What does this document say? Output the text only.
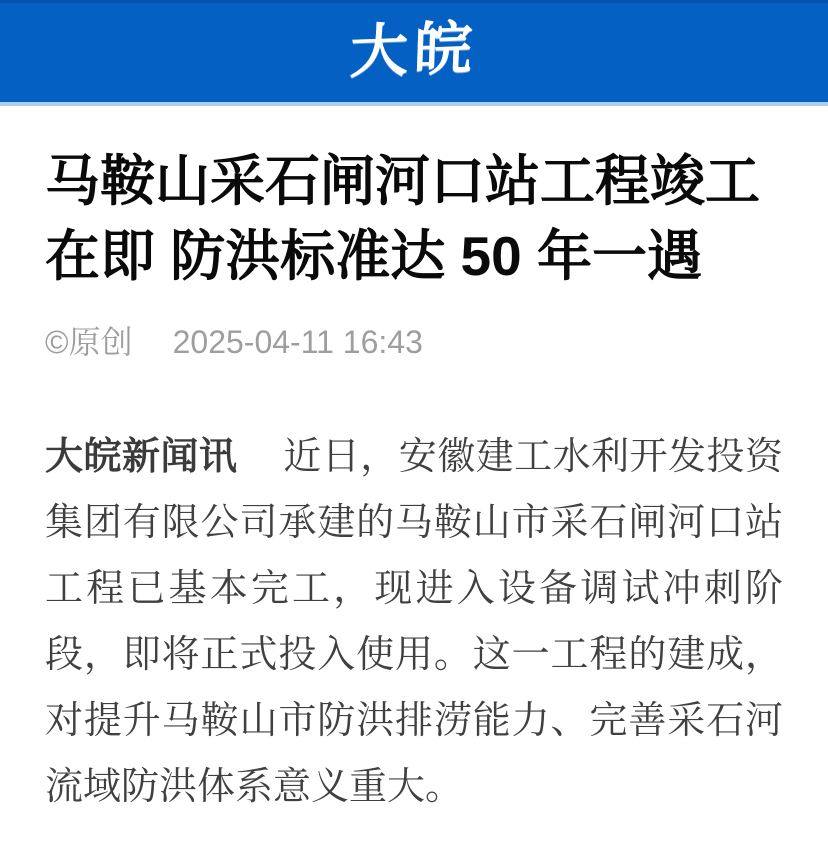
大皖
马鞍山采石闸河口站工程竣工在即 防洪标准达 50 年一遇
©原创 2025-04-11 16:43

大皖新闻讯 近日，安徽建工水利开发投资集团有限公司承建的马鞍山市采石闸河口站工程已基本完工，现进入设备调试冲刺阶段，即将正式投入使用。这一工程的建成，对提升马鞍山市防洪排涝能力、完善采石河流域防洪体系意义重大。
